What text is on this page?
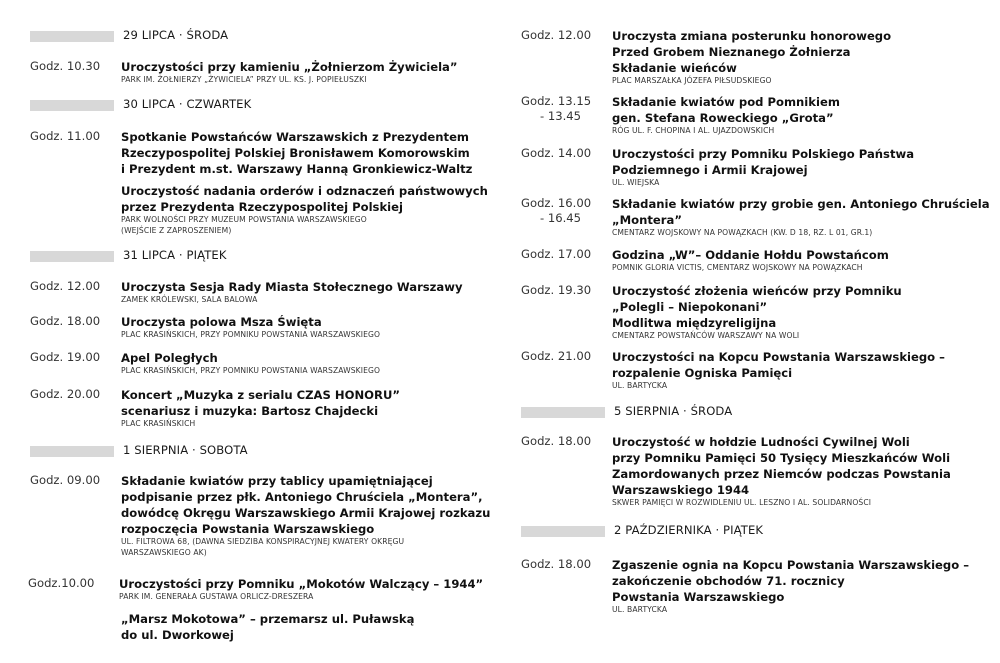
29 LIPCA · ŚRODA
30 LIPCA · CZWARTEK
31 LIPCA · PIĄTEK
1 SIERPNIA · SOBOTA
Godz. 10.30 Uroczystości przy kamieniu „Żołnierzom Żywiciela”
PARK IM. ŻOŁNIERZY „ŻYWICIELA” PRZY UL. KS. J. POPIEŁUSZKI
Godz. 11.00 Spotkanie Powstańców Warszawskich z Prezydentem
Rzeczypospolitej Polskiej Bronisławem Komorowskim
i Prezydent m.st. Warszawy Hanną Gronkiewicz-Waltz
Uroczystość nadania orderów i odznaczeń państwowych
przez Prezydenta Rzeczypospolitej Polskiej
PARK WOLNOŚCI PRZY MUZEUM POWSTANIA WARSZAWSKIEGO
(WEJŚCIE Z ZAPROSZENIEM)
Godz. 12.00 Uroczysta Sesja Rady Miasta Stołecznego Warszawy
ZAMEK KRÓLEWSKI, SALA BALOWA
Godz. 18.00 Uroczysta polowa Msza Święta
PLAC KRASIŃSKICH, PRZY POMNIKU POWSTANIA WARSZAWSKIEGO
Godz. 19.00 Apel Poległych
PLAC KRASIŃSKICH, PRZY POMNIKU POWSTANIA WARSZAWSKIEGO
Godz. 20.00 Koncert „Muzyka z serialu CZAS HONORU”
scenariusz i muzyka: Bartosz Chajdecki
PLAC KRASIŃSKICH
Godz. 09.00 Składanie kwiatów przy tablicy upamiętniającej
podpisanie przez płk. Antoniego Chruściela „Montera”,
dowódcę Okręgu Warszawskiego Armii Krajowej rozkazu
rozpoczęcia Powstania Warszawskiego
UL. FILTROWA 68, (DAWNA SIEDZIBA KONSPIRACYJNEJ KWATERY OKRĘGU
WARSZAWSKIEGO AK)
Godz.10.00 Uroczystości przy Pomniku „Mokotów Walczący – 1944”
PARK IM. GENERAŁA GUSTAWA ORLICZ-DRESZERA
„Marsz Mokotowa” – przemarsz ul. Puławską
do ul. Dworkowej
5 SIERPNIA · ŚRODA
2 PAŹDZIERNIKA · PIĄTEK
Godz. 12.00 Uroczysta zmiana posterunku honorowego
Przed Grobem Nieznanego Żołnierza
Składanie wieńców
PLAC MARSZAŁKA JÓZEFA PIŁSUDSKIEGO
Godz. 13.15
- 13.45
Składanie kwiatów pod Pomnikiem
gen. Stefana Roweckiego „Grota”
RÓG UL. F. CHOPINA I AL. UJAZDOWSKICH
Godz. 14.00 Uroczystości przy Pomniku Polskiego Państwa
Podziemnego i Armii Krajowej
UL. WIEJSKA
Godz. 16.00
- 16.45
Składanie kwiatów przy grobie gen. Antoniego Chruściela
„Montera”
CMENTARZ WOJSKOWY NA POWĄZKACH (KW. D 18, RZ. L 01, GR.1)
Godz. 17.00 Godzina „W”– Oddanie Hołdu Powstańcom
POMNIK GLORIA VICTIS, CMENTARZ WOJSKOWY NA POWĄZKACH
Godz. 19.30 Uroczystość złożenia wieńców przy Pomniku
„Polegli – Niepokonani”
Modlitwa międzyreligijna
CMENTARZ POWSTAŃCÓW WARSZAWY NA WOLI
Godz. 21.00 Uroczystości na Kopcu Powstania Warszawskiego –
rozpalenie Ogniska Pamięci
UL. BARTYCKA
Godz. 18.00 Uroczystość w hołdzie Ludności Cywilnej Woli
przy Pomniku Pamięci 50 Tysięcy Mieszkańców Woli
Zamordowanych przez Niemców podczas Powstania
Warszawskiego 1944
SKWER PAMIĘCI W ROZWIDLENIU UL. LESZNO I AL. SOLIDARNOŚCI
Godz. 18.00 Zgaszenie ognia na Kopcu Powstania Warszawskiego –
zakończenie obchodów 71. rocznicy
Powstania Warszawskiego
UL. BARTYCKA
